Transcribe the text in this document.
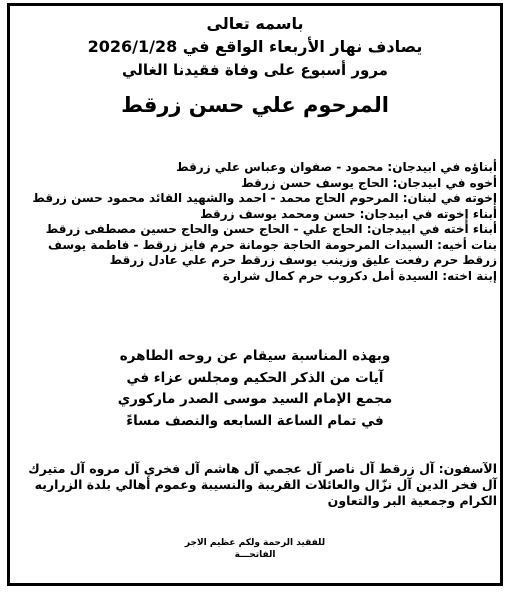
باسمه تعالى
يصادف نهار الأربعاء الواقع في 2026/1/28
مرور أسبوع على وفاة فقيدنا الغالي
المرحوم علي حسن زرقط
أبناؤه في ابيدجان: محمود - صفوان وعباس علي زرقط
أخوه في ابيدجان: الحاج يوسف حسن زرقط
إخوته في لبنان: المرحوم الحاج محمد - احمد والشهيد القائد محمود حسن زرقط
أبناء إخوته في ابيدجان: حسن ومحمد يوسف زرقط
أبناء أخته في ابيدجان: الحاج علي - الحاج حسن والحاج حسين مصطفى زرقط
بنات أخيه: السيدات المرحومة الحاجة جومانة حرم فايز زرقط - فاطمة يوسف
زرقط حرم رفعت عليق وزينب يوسف زرقط حرم علي عادل زرقط
إبنة اخته: السيدة أمل دكروب حرم كمال شرارة
وبهذه المناسبة سيقام عن روحه الطاهره
آيات من الذكر الحكيم ومجلس عزاء في
مجمع الإمام السيد موسى الصدر ماركوري
في تمام الساعة السابعه والنصف مساءً
الآسفون: آل زرقط آل ناصر آل عجمي آل هاشم آل فخري آل مروه آل متيرك
آل فخر الدين آل نزّال والعائلات القريبة والنسيبة وعموم أهالي بلدة الزراريه
الكرام وجمعية البر والتعاون
للفقيد الرحمة ولكم عظيم الاجر
الفاتحـــة
